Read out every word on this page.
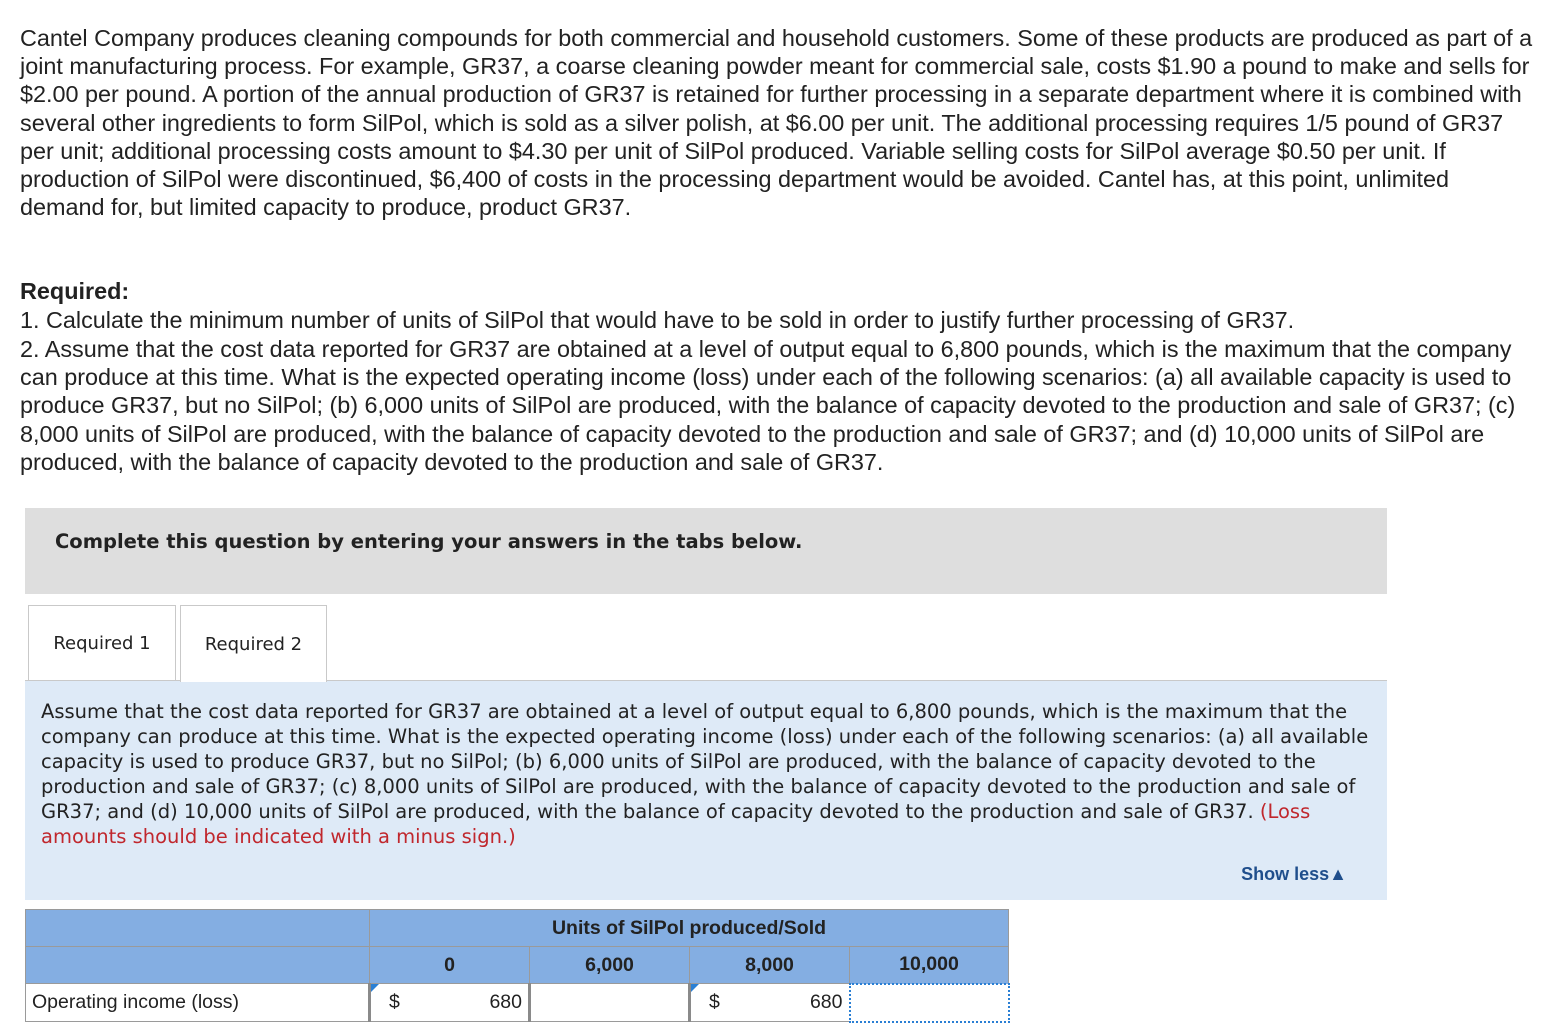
Cantel Company produces cleaning compounds for both commercial and household customers. Some of these products are produced as part of a joint manufacturing process. For example, GR37, a coarse cleaning powder meant for commercial sale, costs $1.90 a pound to make and sells for $2.00 per pound. A portion of the annual production of GR37 is retained for further processing in a separate department where it is combined with several other ingredients to form SilPol, which is sold as a silver polish, at $6.00 per unit. The additional processing requires 1/5 pound of GR37 per unit; additional processing costs amount to $4.30 per unit of SilPol produced. Variable selling costs for SilPol average $0.50 per unit. If production of SilPol were discontinued, $6,400 of costs in the processing department would be avoided. Cantel has, at this point, unlimited demand for, but limited capacity to produce, product GR37.

Required:

1. Calculate the minimum number of units of SilPol that would have to be sold in order to justify further processing of GR37.

2. Assume that the cost data reported for GR37 are obtained at a level of output equal to 6,800 pounds, which is the maximum that the company can produce at this time. What is the expected operating income (loss) under each of the following scenarios: (a) all available capacity is used to produce GR37, but no SilPol; (b) 6,000 units of SilPol are produced, with the balance of capacity devoted to the production and sale of GR37; (c) 8,000 units of SilPol are produced, with the balance of capacity devoted to the production and sale of GR37; and (d) 10,000 units of SilPol are produced, with the balance of capacity devoted to the production and sale of GR37.

Complete this question by entering your answers in the tabs below.
Required 1	Required 2
Assume that the cost data reported for GR37 are obtained at a level of output equal to 6,800 pounds, which is the maximum that the company can produce at this time. What is the expected operating income (loss) under each of the following scenarios: (a) all available capacity is used to produce GR37, but no SilPol; (b) 6,000 units of SilPol are produced, with the balance of capacity devoted to the production and sale of GR37; (c) 8,000 units of SilPol are produced, with the balance of capacity devoted to the production and sale of GR37; and (d) 10,000 units of SilPol are produced, with the balance of capacity devoted to the production and sale of GR37. (Loss amounts should be indicated with a minus sign.)
Show less▲
	Units of SilPol produced/Sold			
	0	6,000	8,000	10,000
Operating income (loss)	$ 680		$ 680	
